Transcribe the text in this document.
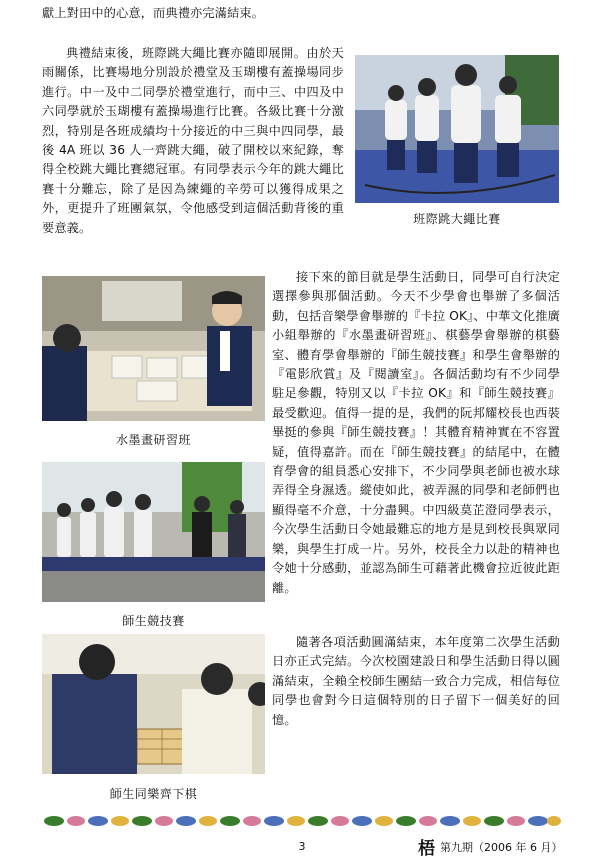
獻上對田中的心意，而典禮亦完滿結束。

典禮結束後，班際跳大繩比賽亦隨即展開。由於天雨關係，比賽場地分別設於禮堂及玉瑚樓有蓋操場同步進行。中一及中二同學於禮堂進行，而中三、中四及中六同學就於玉瑚樓有蓋操場進行比賽。各級比賽十分激烈，特別是各班成績均十分接近的中三與中四同學，最後 4A 班以 36 人一齊跳大繩，破了開校以來紀錄，奪得全校跳大繩比賽總冠軍。有同學表示今年的跳大繩比賽十分難忘，除了是因為練繩的辛勞可以獲得成果之外，更提升了班團氣氛，令他感受到這個活動背後的重要意義。

班際跳大繩比賽
水墨畫研習班
師生競技賽

接下來的節目就是學生活動日，同學可自行決定選擇參與那個活動。今天不少學會也舉辦了多個活動，包括音樂學會舉辦的『卡拉 OK』、中華文化推廣小組舉辦的『水墨畫研習班』、棋藝學會舉辦的棋藝室、體育學會舉辦的『師生競技賽』和學生會舉辦的『電影欣賞』及『閱讀室』。各個活動均有不少同學駐足參觀，特別又以『卡拉 OK』和『師生競技賽』最受歡迎。值得一提的是，我們的阮邦耀校長也西裝畢挺的參與『師生競技賽』！其體育精神實在不容置疑，值得嘉許。而在『師生競技賽』的結尾中，在體育學會的組員悉心安排下，不少同學與老師也被水球弄得全身濕透。縱使如此，被弄濕的同學和老師們也顯得毫不介意，十分盡興。中四級莫芷澄同學表示，今次學生活動日令她最難忘的地方是見到校長與眾同樂，與學生打成一片。另外，校長全力以赴的精神也令她十分感動，並認為師生可藉著此機會拉近彼此距離。

師生同樂齊下棋

隨著各項活動圓滿結束，本年度第二次學生活動日亦正式完結。今次校園建設日和學生活動日得以圓滿結束，全賴全校師生團結一致合力完成，相信每位同學也會對今日這個特別的日子留下一個美好的回憶。

3	梧 第九期（2006 年 6 月）
